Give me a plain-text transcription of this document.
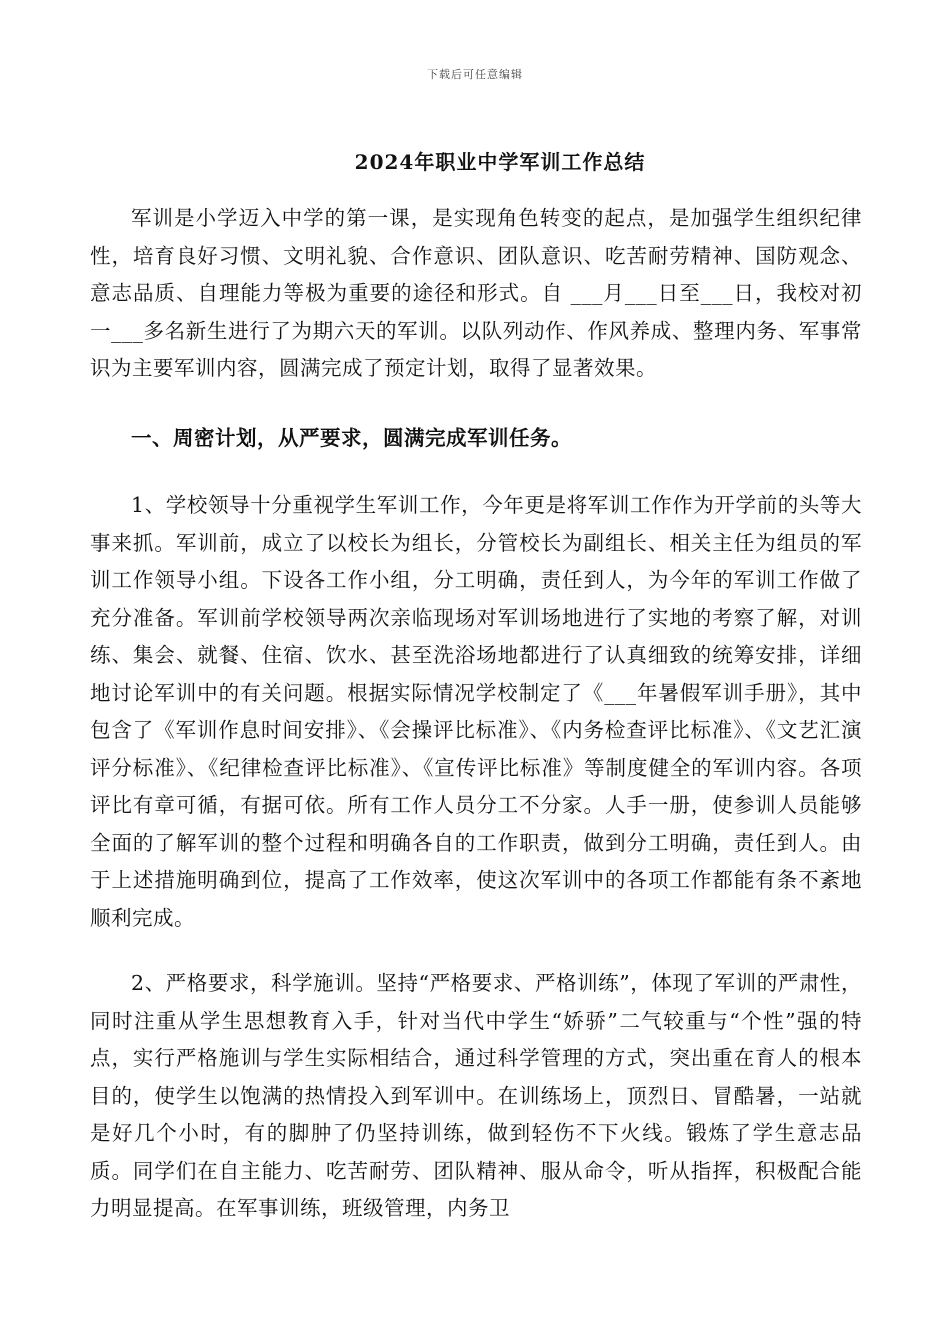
下载后可任意编辑
2024年职业中学军训工作总结

军训是小学迈入中学的第一课，是实现角色转变的起点，是加强学生组织纪律性，培育良好习惯、文明礼貌、合作意识、团队意识、吃苦耐劳精神、国防观念、意志品质、自理能力等极为重要的途径和形式。自 ___月___日至___日，我校对初一___多名新生进行了为期六天的军训。以队列动作、作风养成、整理内务、军事常识为主要军训内容，圆满完成了预定计划，取得了显著效果。

一、周密计划，从严要求，圆满完成军训任务。

1、学校领导十分重视学生军训工作，今年更是将军训工作作为开学前的头等大事来抓。军训前，成立了以校长为组长，分管校长为副组长、相关主任为组员的军训工作领导小组。下设各工作小组，分工明确，责任到人，为今年的军训工作做了充分准备。军训前学校领导两次亲临现场对军训场地进行了实地的考察了解，对训练、集会、就餐、住宿、饮水、甚至洗浴场地都进行了认真细致的统筹安排，详细地讨论军训中的有关问题。根据实际情况学校制定了《___年暑假军训手册》，其中包含了《军训作息时间安排》、《会操评比标准》、《内务检查评比标准》、《文艺汇演评分标准》、《纪律检查评比标准》、《宣传评比标准》等制度健全的军训内容。各项评比有章可循，有据可依。所有工作人员分工不分家。人手一册，使参训人员能够全面的了解军训的整个过程和明确各自的工作职责，做到分工明确，责任到人。由于上述措施明确到位，提高了工作效率，使这次军训中的各项工作都能有条不紊地顺利完成。

2、严格要求，科学施训。坚持“严格要求、严格训练”，体现了军训的严肃性，同时注重从学生思想教育入手，针对当代中学生“娇骄”二气较重与“个性”强的特点，实行严格施训与学生实际相结合，通过科学管理的方式，突出重在育人的根本目的，使学生以饱满的热情投入到军训中。在训练场上，顶烈日、冒酷暑，一站就是好几个小时，有的脚肿了仍坚持训练，做到轻伤不下火线。锻炼了学生意志品质。同学们在自主能力、吃苦耐劳、团队精神、服从命令，听从指挥，积极配合能力明显提高。在军事训练，班级管理，内务卫
